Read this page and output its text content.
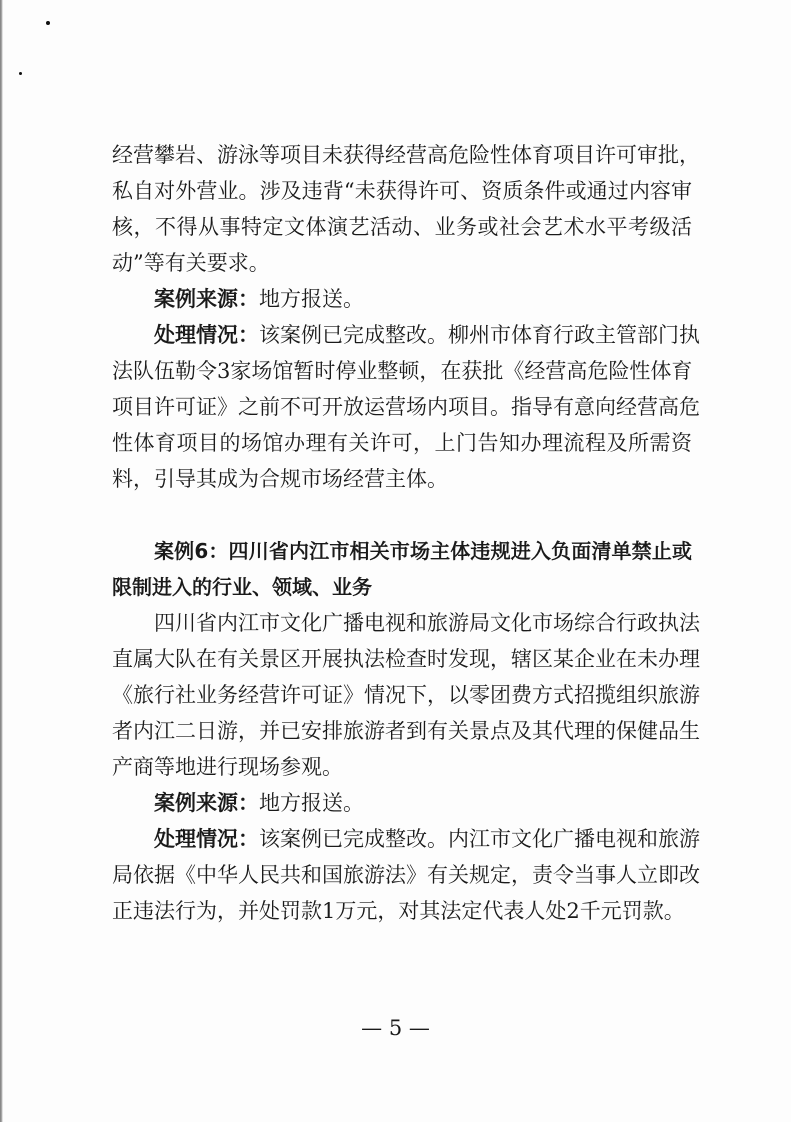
经营攀岩、游泳等项目未获得经营高危险性体育项目许可审批，
私自对外营业。涉及违背“未获得许可、资质条件或通过内容审
核，不得从事特定文体演艺活动、业务或社会艺术水平考级活
动”等有关要求。
案例来源：地方报送。
处理情况：该案例已完成整改。柳州市体育行政主管部门执
法队伍勒令3家场馆暂时停业整顿，在获批《经营高危险性体育
项目许可证》之前不可开放运营场内项目。指导有意向经营高危
性体育项目的场馆办理有关许可，上门告知办理流程及所需资
料，引导其成为合规市场经营主体。
案例6：四川省内江市相关市场主体违规进入负面清单禁止或
限制进入的行业、领域、业务
四川省内江市文化广播电视和旅游局文化市场综合行政执法
直属大队在有关景区开展执法检查时发现，辖区某企业在未办理
《旅行社业务经营许可证》情况下，以零团费方式招揽组织旅游
者内江二日游，并已安排旅游者到有关景点及其代理的保健品生
产商等地进行现场参观。
案例来源：地方报送。
处理情况：该案例已完成整改。内江市文化广播电视和旅游
局依据《中华人民共和国旅游法》有关规定，责令当事人立即改
正违法行为，并处罚款1万元，对其法定代表人处2千元罚款。
— 5 —
